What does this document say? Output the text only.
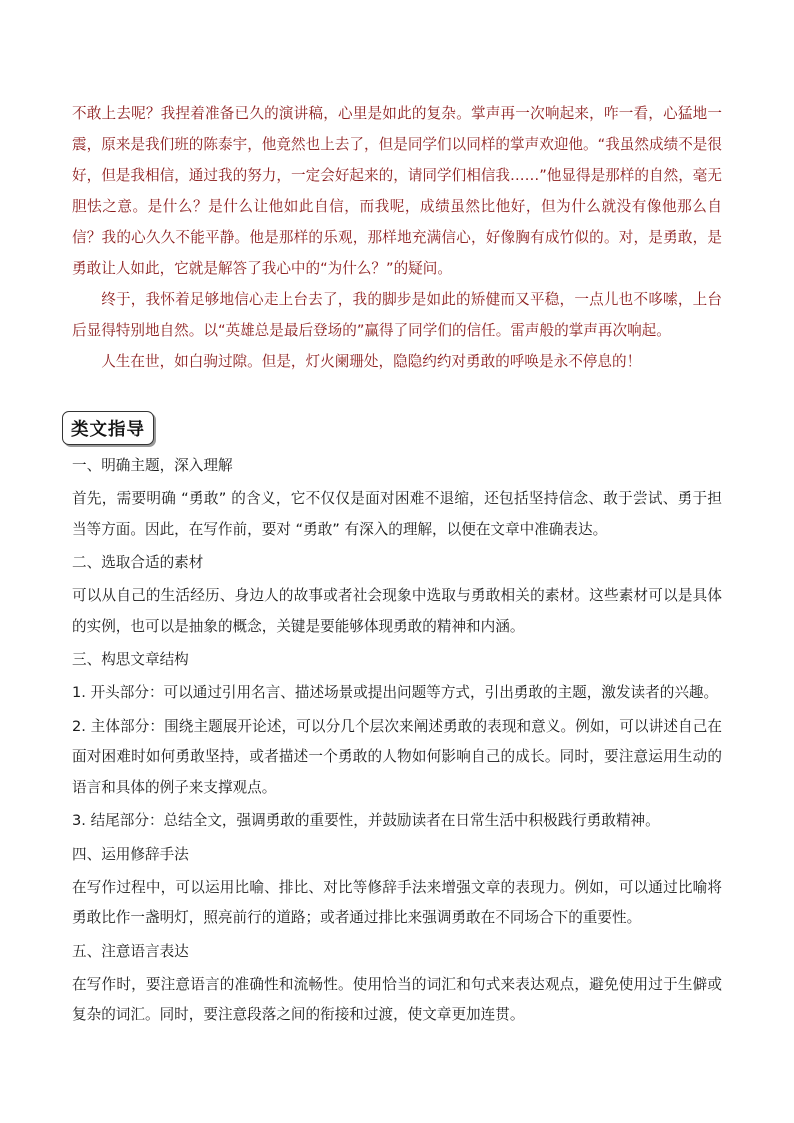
不敢上去呢？我捏着准备已久的演讲稿，心里是如此的复杂。掌声再一次响起来，咋一看，心猛地一震，原来是我们班的陈泰宇，他竟然也上去了，但是同学们以同样的掌声欢迎他。“我虽然成绩不是很好，但是我相信，通过我的努力，一定会好起来的，请同学们相信我……”他显得是那样的自然，毫无胆怯之意。是什么？是什么让他如此自信，而我呢，成绩虽然比他好，但为什么就没有像他那么自信？我的心久久不能平静。他是那样的乐观，那样地充满信心，好像胸有成竹似的。对，是勇敢，是勇敢让人如此，它就是解答了我心中的“为什么？”的疑问。

终于，我怀着足够地信心走上台去了，我的脚步是如此的矫健而又平稳，一点儿也不哆嗦，上台后显得特别地自然。以“英雄总是最后登场的”赢得了同学们的信任。雷声般的掌声再次响起。

人生在世，如白驹过隙。但是，灯火阑珊处，隐隐约约对勇敢的呼唤是永不停息的！

类文指导

一、明确主题，深入理解

首先，需要明确 “勇敢” 的含义，它不仅仅是面对困难不退缩，还包括坚持信念、敢于尝试、勇于担当等方面。因此，在写作前，要对 “勇敢” 有深入的理解，以便在文章中准确表达。

二、选取合适的素材

可以从自己的生活经历、身边人的故事或者社会现象中选取与勇敢相关的素材。这些素材可以是具体的实例，也可以是抽象的概念，关键是要能够体现勇敢的精神和内涵。

三、构思文章结构

1. 开头部分：可以通过引用名言、描述场景或提出问题等方式，引出勇敢的主题，激发读者的兴趣。

2. 主体部分：围绕主题展开论述，可以分几个层次来阐述勇敢的表现和意义。例如，可以讲述自己在面对困难时如何勇敢坚持，或者描述一个勇敢的人物如何影响自己的成长。同时，要注意运用生动的语言和具体的例子来支撑观点。

3. 结尾部分：总结全文，强调勇敢的重要性，并鼓励读者在日常生活中积极践行勇敢精神。

四、运用修辞手法

在写作过程中，可以运用比喻、排比、对比等修辞手法来增强文章的表现力。例如，可以通过比喻将勇敢比作一盏明灯，照亮前行的道路；或者通过排比来强调勇敢在不同场合下的重要性。

五、注意语言表达

在写作时，要注意语言的准确性和流畅性。使用恰当的词汇和句式来表达观点，避免使用过于生僻或复杂的词汇。同时，要注意段落之间的衔接和过渡，使文章更加连贯。
